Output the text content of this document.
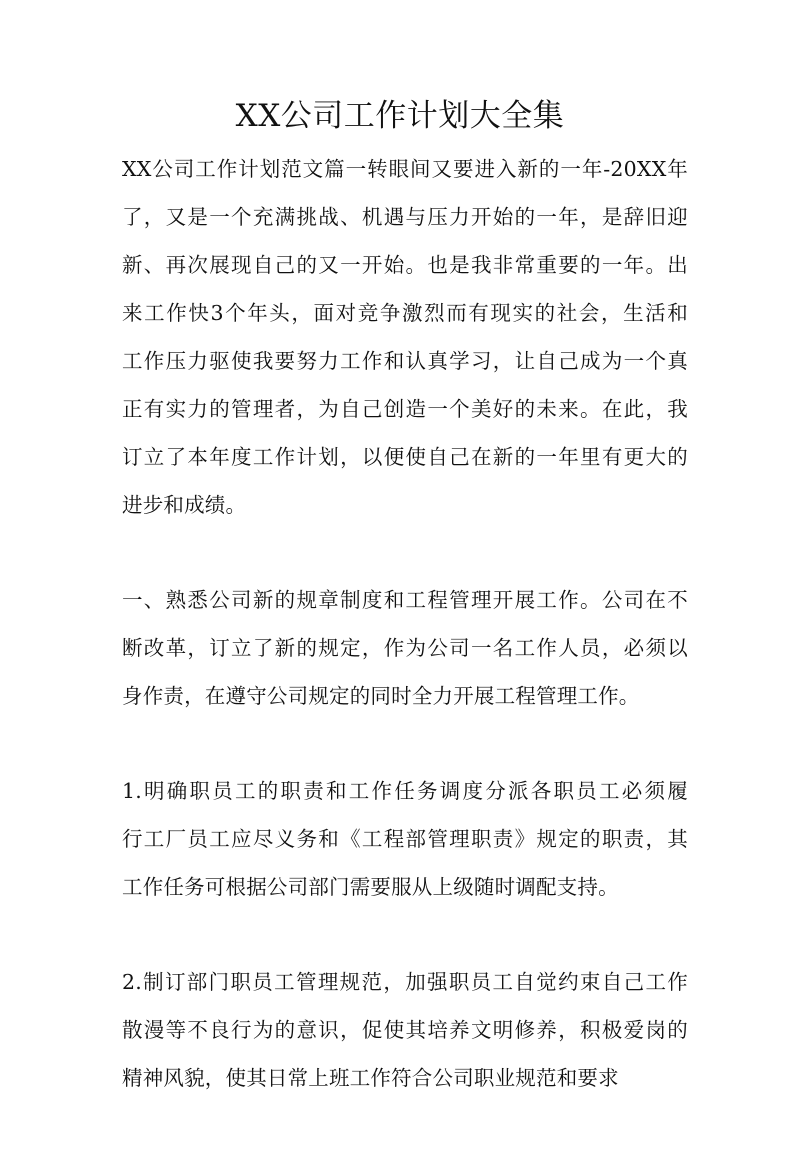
XX公司工作计划大全集
XX公司工作计划范文篇一转眼间又要进入新的一年-20XX年
了，又是一个充满挑战、机遇与压力开始的一年，是辞旧迎
新、再次展现自己的又一开始。也是我非常重要的一年。出
来工作快3个年头，面对竞争激烈而有现实的社会，生活和
工作压力驱使我要努力工作和认真学习，让自己成为一个真
正有实力的管理者，为自己创造一个美好的未来。在此，我
订立了本年度工作计划，以便使自己在新的一年里有更大的
进步和成绩。
一、熟悉公司新的规章制度和工程管理开展工作。公司在不
断改革，订立了新的规定，作为公司一名工作人员，必须以
身作责，在遵守公司规定的同时全力开展工程管理工作。
1.明确职员工的职责和工作任务调度分派各职员工必须履
行工厂员工应尽义务和《工程部管理职责》规定的职责，其
工作任务可根据公司部门需要服从上级随时调配支持。
2.制订部门职员工管理规范，加强职员工自觉约束自己工作
散漫等不良行为的意识，促使其培养文明修养，积极爱岗的
精神风貌，使其日常上班工作符合公司职业规范和要求
